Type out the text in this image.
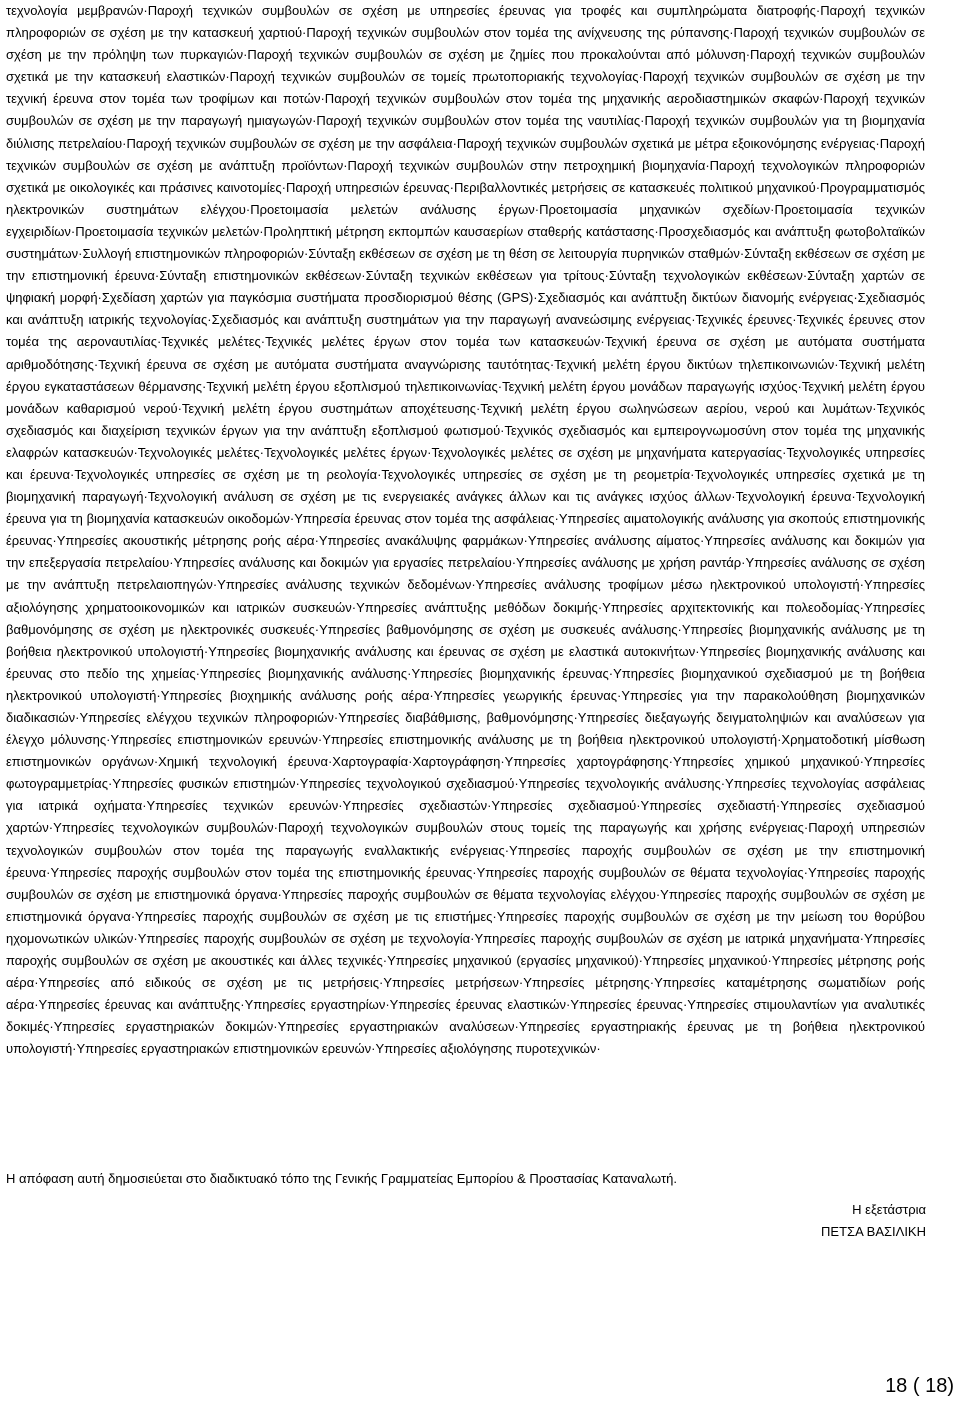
τεχνολογία μεμβρανών·Παροχή τεχνικών συμβουλών σε σχέση με υπηρεσίες έρευνας για τροφές και συμπληρώματα διατροφής·Παροχή τεχνικών πληροφοριών σε σχέση με την κατασκευή χαρτιού·Παροχή τεχνικών συμβουλών στον τομέα της ανίχνευσης της ρύπανσης·Παροχή τεχνικών συμβουλών σε σχέση με την πρόληψη των πυρκαγιών·Παροχή τεχνικών συμβουλών σε σχέση με ζημίες που προκαλούνται από μόλυνση·Παροχή τεχνικών συμβουλών σχετικά με την κατασκευή ελαστικών·Παροχή τεχνικών συμβουλών σε τομείς πρωτοποριακής τεχνολογίας·Παροχή τεχνικών συμβουλών σε σχέση με την τεχνική έρευνα στον τομέα των τροφίμων και ποτών·Παροχή τεχνικών συμβουλών στον τομέα της μηχανικής αεροδιαστημικών σκαφών·Παροχή τεχνικών συμβουλών σε σχέση με την παραγωγή ημιαγωγών·Παροχή τεχνικών συμβουλών στον τομέα της ναυτιλίας·Παροχή τεχνικών συμβουλών για τη βιομηχανία διύλισης πετρελαίου·Παροχή τεχνικών συμβουλών σε σχέση με την ασφάλεια·Παροχή τεχνικών συμβουλών σχετικά με μέτρα εξοικονόμησης ενέργειας·Παροχή τεχνικών συμβουλών σε σχέση με ανάπτυξη προϊόντων·Παροχή τεχνικών συμβουλών στην πετροχημική βιομηχανία·Παροχή τεχνολογικών πληροφοριών σχετικά με οικολογικές και πράσινες καινοτομίες·Παροχή υπηρεσιών έρευνας·Περιβαλλοντικές μετρήσεις σε κατασκευές πολιτικού μηχανικού·Προγραμματισμός ηλεκτρονικών συστημάτων ελέγχου·Προετοιμασία μελετών ανάλυσης έργων·Προετοιμασία μηχανικών σχεδίων·Προετοιμασία τεχνικών εγχειριδίων·Προετοιμασία τεχνικών μελετών·Προληπτική μέτρηση εκπομπών καυσαερίων σταθερής κατάστασης·Προσχεδιασμός και ανάπτυξη φωτοβολταϊκών συστημάτων·Συλλογή επιστημονικών πληροφοριών·Σύνταξη εκθέσεων σε σχέση με τη θέση σε λειτουργία πυρηνικών σταθμών·Σύνταξη εκθέσεων σε σχέση με την επιστημονική έρευνα·Σύνταξη επιστημονικών εκθέσεων·Σύνταξη τεχνικών εκθέσεων για τρίτους·Σύνταξη τεχνολογικών εκθέσεων·Σύνταξη χαρτών σε ψηφιακή μορφή·Σχεδίαση χαρτών για παγκόσμια συστήματα προσδιορισμού θέσης (GPS)·Σχεδιασμός και ανάπτυξη δικτύων διανομής ενέργειας·Σχεδιασμός και ανάπτυξη ιατρικής τεχνολογίας·Σχεδιασμός και ανάπτυξη συστημάτων για την παραγωγή ανανεώσιμης ενέργειας·Τεχνικές έρευνες·Τεχνικές έρευνες στον τομέα της αεροναυτιλίας·Τεχνικές μελέτες·Τεχνικές μελέτες έργων στον τομέα των κατασκευών·Τεχνική έρευνα σε σχέση με αυτόματα συστήματα αριθμοδότησης·Τεχνική έρευνα σε σχέση με αυτόματα συστήματα αναγνώρισης ταυτότητας·Τεχνική μελέτη έργου δικτύων τηλεπικοινωνιών·Τεχνική μελέτη έργου εγκαταστάσεων θέρμανσης·Τεχνική μελέτη έργου εξοπλισμού τηλεπικοινωνίας·Τεχνική μελέτη έργου μονάδων παραγωγής ισχύος·Τεχνική μελέτη έργου μονάδων καθαρισμού νερού·Τεχνική μελέτη έργου συστημάτων αποχέτευσης·Τεχνική μελέτη έργου σωληνώσεων αερίου, νερού και λυμάτων·Τεχνικός σχεδιασμός και διαχείριση τεχνικών έργων για την ανάπτυξη εξοπλισμού φωτισμού·Τεχνικός σχεδιασμός και εμπειρογνωμοσύνη στον τομέα της μηχανικής ελαφρών κατασκευών·Τεχνολογικές μελέτες·Τεχνολογικές μελέτες έργων·Τεχνολογικές μελέτες σε σχέση με μηχανήματα κατεργασίας·Τεχνολογικές υπηρεσίες και έρευνα·Τεχνολογικές υπηρεσίες σε σχέση με τη ρεολογία·Τεχνολογικές υπηρεσίες σε σχέση με τη ρεομετρία·Τεχνολογικές υπηρεσίες σχετικά με τη βιομηχανική παραγωγή·Τεχνολογική ανάλυση σε σχέση με τις ενεργειακές ανάγκες άλλων και τις ανάγκες ισχύος άλλων·Τεχνολογική έρευνα·Τεχνολογική έρευνα για τη βιομηχανία κατασκευών οικοδομών·Υπηρεσία έρευνας στον τομέα της ασφάλειας·Υπηρεσίες αιματολογικής ανάλυσης για σκοπούς επιστημονικής έρευνας·Υπηρεσίες ακουστικής μέτρησης ροής αέρα·Υπηρεσίες ανακάλυψης φαρμάκων·Υπηρεσίες ανάλυσης αίματος·Υπηρεσίες ανάλυσης και δοκιμών για την επεξεργασία πετρελαίου·Υπηρεσίες ανάλυσης και δοκιμών για εργασίες πετρελαίου·Υπηρεσίες ανάλυσης με χρήση ραντάρ·Υπηρεσίες ανάλυσης σε σχέση με την ανάπτυξη πετρελαιοπηγών·Υπηρεσίες ανάλυσης τεχνικών δεδομένων·Υπηρεσίες ανάλυσης τροφίμων μέσω ηλεκτρονικού υπολογιστή·Υπηρεσίες αξιολόγησης χρηματοοικονομικών και ιατρικών συσκευών·Υπηρεσίες ανάπτυξης μεθόδων δοκιμής·Υπηρεσίες αρχιτεκτονικής και πολεοδομίας·Υπηρεσίες βαθμονόμησης σε σχέση με ηλεκτρονικές συσκευές·Υπηρεσίες βαθμονόμησης σε σχέση με συσκευές ανάλυσης·Υπηρεσίες βιομηχανικής ανάλυσης με τη βοήθεια ηλεκτρονικού υπολογιστή·Υπηρεσίες βιομηχανικής ανάλυσης και έρευνας σε σχέση με ελαστικά αυτοκινήτων·Υπηρεσίες βιομηχανικής ανάλυσης και έρευνας στο πεδίο της χημείας·Υπηρεσίες βιομηχανικής ανάλυσης·Υπηρεσίες βιομηχανικής έρευνας·Υπηρεσίες βιομηχανικού σχεδιασμού με τη βοήθεια ηλεκτρονικού υπολογιστή·Υπηρεσίες βιοχημικής ανάλυσης ροής αέρα·Υπηρεσίες γεωργικής έρευνας·Υπηρεσίες για την παρακολούθηση βιομηχανικών διαδικασιών·Υπηρεσίες ελέγχου τεχνικών πληροφοριών·Υπηρεσίες διαβάθμισης, βαθμονόμησης·Υπηρεσίες διεξαγωγής δειγματοληψιών και αναλύσεων για έλεγχο μόλυνσης·Υπηρεσίες επιστημονικών ερευνών·Υπηρεσίες επιστημονικής ανάλυσης με τη βοήθεια ηλεκτρονικού υπολογιστή·Χρηματοδοτική μίσθωση επιστημονικών οργάνων·Χημική τεχνολογική έρευνα·Χαρτογραφία·Χαρτογράφηση·Υπηρεσίες χαρτογράφησης·Υπηρεσίες χημικού μηχανικού·Υπηρεσίες φωτογραμμετρίας·Υπηρεσίες φυσικών επιστημών·Υπηρεσίες τεχνολογικού σχεδιασμού·Υπηρεσίες τεχνολογικής ανάλυσης·Υπηρεσίες τεχνολογίας ασφάλειας για ιατρικά οχήματα·Υπηρεσίες τεχνικών ερευνών·Υπηρεσίες σχεδιαστών·Υπηρεσίες σχεδιασμού·Υπηρεσίες σχεδιαστή·Υπηρεσίες σχεδιασμού χαρτών·Υπηρεσίες τεχνολογικών συμβουλών·Παροχή τεχνολογικών συμβουλών στους τομείς της παραγωγής και χρήσης ενέργειας·Παροχή υπηρεσιών τεχνολογικών συμβουλών στον τομέα της παραγωγής εναλλακτικής ενέργειας·Υπηρεσίες παροχής συμβουλών σε σχέση με την επιστημονική έρευνα·Υπηρεσίες παροχής συμβουλών στον τομέα της επιστημονικής έρευνας·Υπηρεσίες παροχής συμβουλών σε θέματα τεχνολογίας·Υπηρεσίες παροχής συμβουλών σε σχέση με επιστημονικά όργανα·Υπηρεσίες παροχής συμβουλών σε θέματα τεχνολογίας ελέγχου·Υπηρεσίες παροχής συμβουλών σε σχέση με επιστημονικά όργανα·Υπηρεσίες παροχής συμβουλών σε σχέση με τις επιστήμες·Υπηρεσίες παροχής συμβουλών σε σχέση με την μείωση του θορύβου ηχομονωτικών υλικών·Υπηρεσίες παροχής συμβουλών σε σχέση με τεχνολογία·Υπηρεσίες παροχής συμβουλών σε σχέση με ιατρικά μηχανήματα·Υπηρεσίες παροχής συμβουλών σε σχέση με ακουστικές και άλλες τεχνικές·Υπηρεσίες μηχανικού (εργασίες μηχανικού)·Υπηρεσίες μηχανικού·Υπηρεσίες μέτρησης ροής αέρα·Υπηρεσίες από ειδικούς σε σχέση με τις μετρήσεις·Υπηρεσίες μετρήσεων·Υπηρεσίες μέτρησης·Υπηρεσίες καταμέτρησης σωματιδίων ροής αέρα·Υπηρεσίες έρευνας και ανάπτυξης·Υπηρεσίες εργαστηρίων·Υπηρεσίες έρευνας ελαστικών·Υπηρεσίες έρευνας·Υπηρεσίες στιμουλαντίων για αναλυτικές δοκιμές·Υπηρεσίες εργαστηριακών δοκιμών·Υπηρεσίες εργαστηριακών αναλύσεων·Υπηρεσίες εργαστηριακής έρευνας με τη βοήθεια ηλεκτρονικού υπολογιστή·Υπηρεσίες εργαστηριακών επιστημονικών ερευνών·Υπηρεσίες αξιολόγησης πυροτεχνικών·

Η απόφαση αυτή δημοσιεύεται στο διαδικτυακό τόπο της Γενικής Γραμματείας Εμπορίου & Προστασίας Καταναλωτή.

Η εξετάστρια
ΠΕΤΣΑ ΒΑΣΙΛΙΚΗ
18 ( 18)
